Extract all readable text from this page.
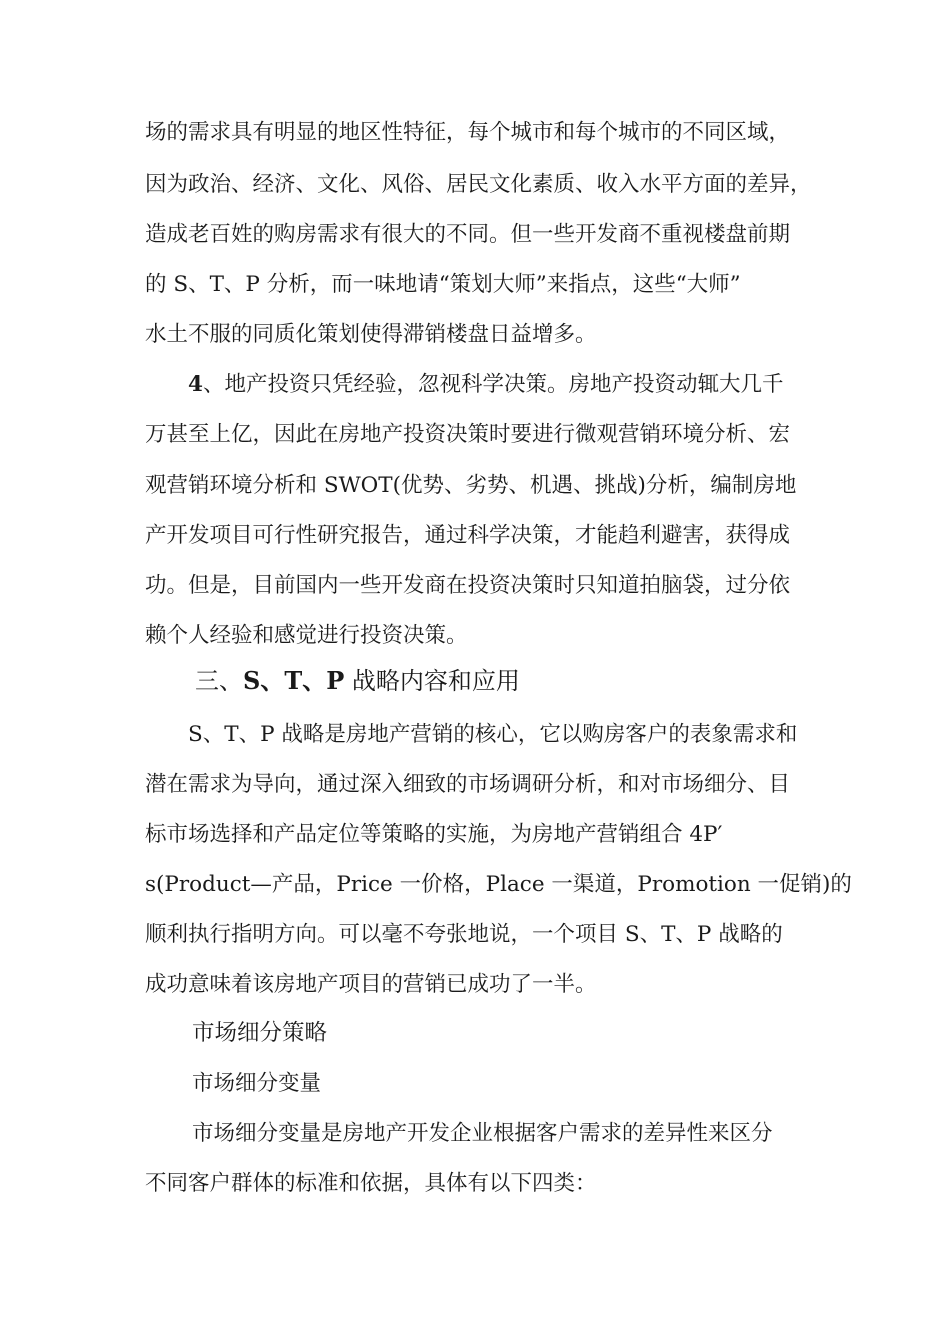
场的需求具有明显的地区性特征，每个城市和每个城市的不同区域，

因为政治、经济、文化、风俗、居民文化素质、收入水平方面的差异，

造成老百姓的购房需求有很大的不同。但一些开发商不重视楼盘前期

的 S、T、P 分析，而一味地请“策划大师”来指点，这些“大师”

水土不服的同质化策划使得滞销楼盘日益增多。

4、地产投资只凭经验，忽视科学决策。房地产投资动辄大几千

万甚至上亿，因此在房地产投资决策时要进行微观营销环境分析、宏

观营销环境分析和 SWOT(优势、劣势、机遇、挑战)分析，编制房地

产开发项目可行性研究报告，通过科学决策，才能趋利避害，获得成

功。但是，目前国内一些开发商在投资决策时只知道拍脑袋，过分依

赖个人经验和感觉进行投资决策。

三、S、T、P 战略内容和应用

S、T、P 战略是房地产营销的核心，它以购房客户的表象需求和

潜在需求为导向，通过深入细致的市场调研分析，和对市场细分、目

标市场选择和产品定位等策略的实施，为房地产营销组合 4P′

s(Product—产品，Price 一价格，Place 一渠道，Promotion 一促销)的

顺利执行指明方向。可以毫不夸张地说，一个项目 S、T、P 战略的

成功意味着该房地产项目的营销已成功了一半。

市场细分策略

市场细分变量

市场细分变量是房地产开发企业根据客户需求的差异性来区分

不同客户群体的标准和依据，具体有以下四类：
